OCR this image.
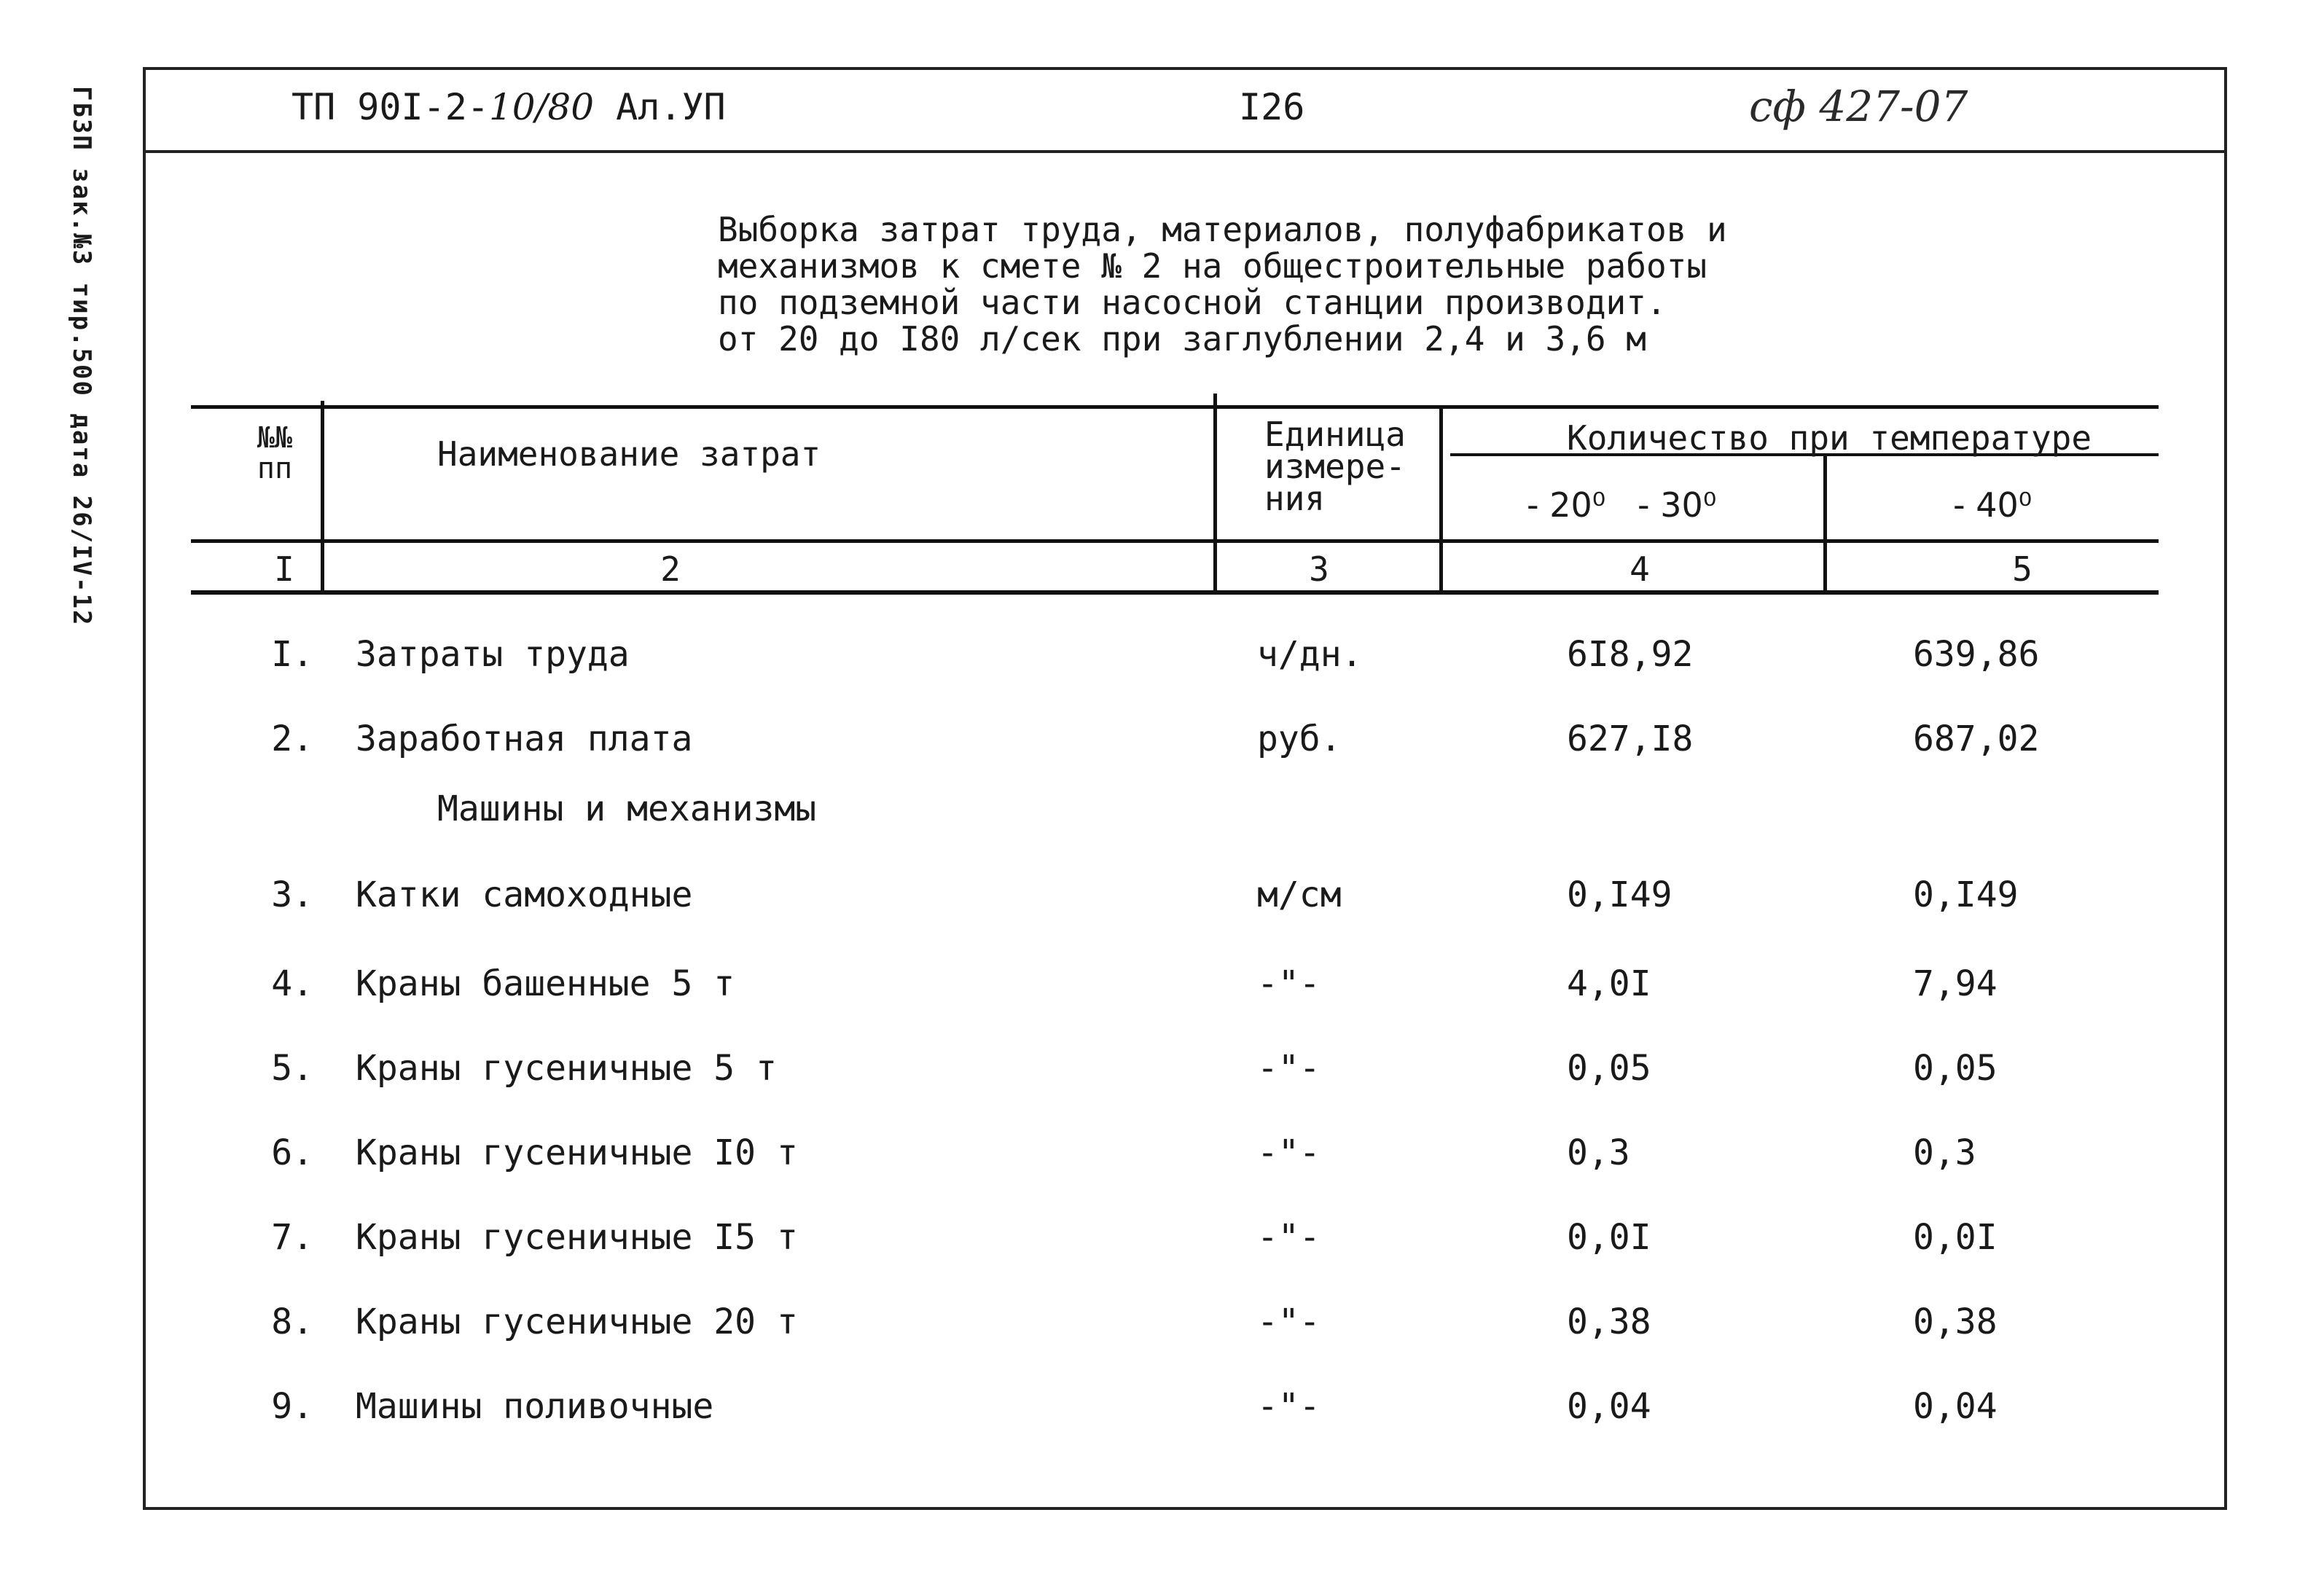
ГБЗП зак.№3 тир.500 дата 26/IV-12	ТП 90I-2-10/80 Ал.УП	I26	сф 427-07
Выборка затрат труда, материалов, полуфабрикатов и
механизмов к смете № 2 на общестроительные работы
по подземной части насосной станции производит.
от 20 до I80 л/сек при заглублении 2,4 и 3,6 м
№№
пп	Наименование затрат	Единица
измере-
ния
Количество при температуре
- 20⁰   - 30⁰	- 40⁰
I	2	3	4	5
I. Затраты труда	ч/дн.	6I8,92	639,86
2. Заработная плата	руб.	627,I8	687,02
Машины и механизмы
3. Катки самоходные	м/см	0,I49	0,I49
4. Краны башенные 5 т	-"-	4,0I	7,94
5. Краны гусеничные 5 т	-"-	0,05	0,05
6. Краны гусеничные I0 т	-"-	0,3	0,3
7. Краны гусеничные I5 т	-"-	0,0I	0,0I
8. Краны гусеничные 20 т	-"-	0,38	0,38
9. Машины поливочные	-"-	0,04	0,04
